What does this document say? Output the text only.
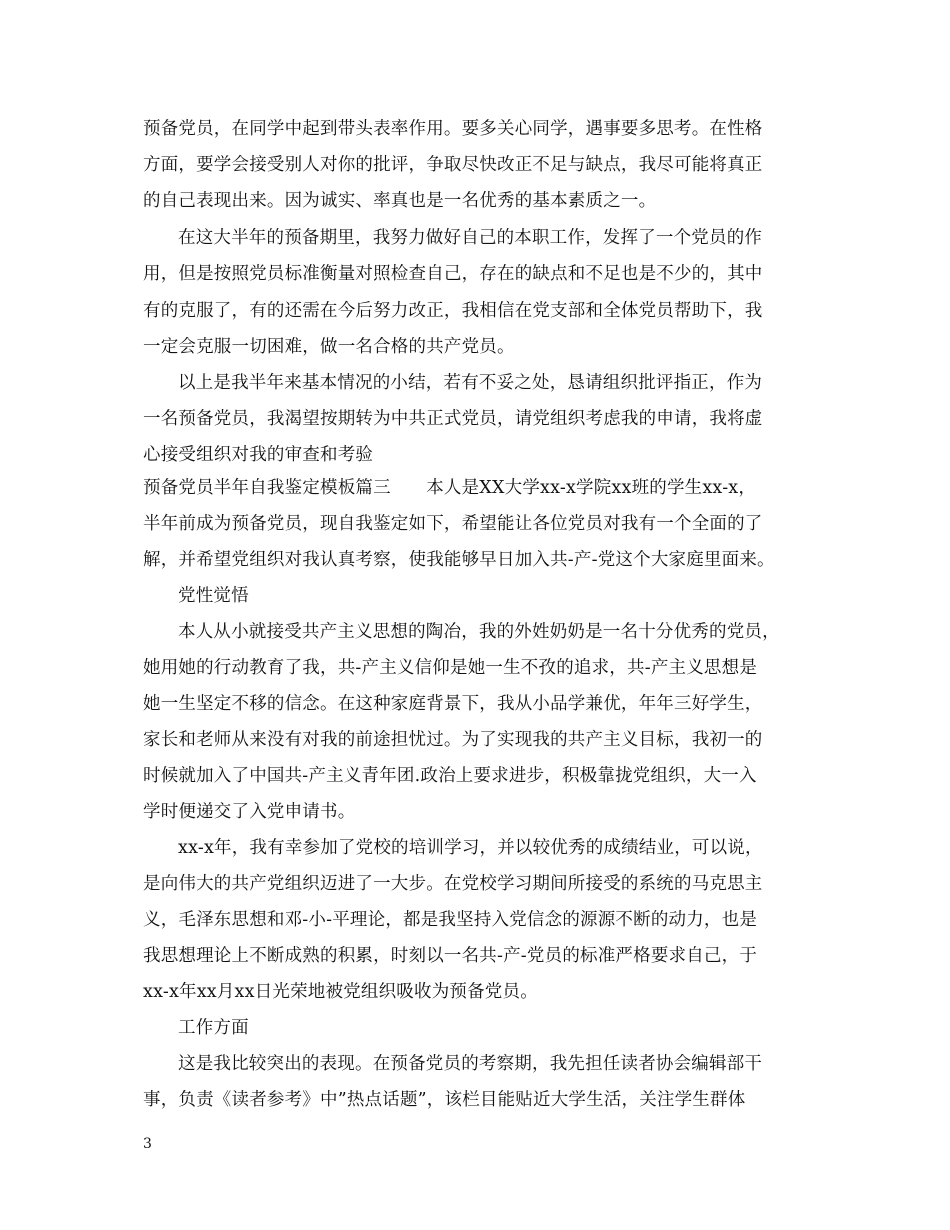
预备党员，在同学中起到带头表率作用。要多关心同学，遇事要多思考。在性格
方面，要学会接受别人对你的批评，争取尽快改正不足与缺点，我尽可能将真正
的自己表现出来。因为诚实、率真也是一名优秀的基本素质之一。
在这大半年的预备期里，我努力做好自己的本职工作，发挥了一个党员的作
用，但是按照党员标准衡量对照检查自己，存在的缺点和不足也是不少的，其中
有的克服了，有的还需在今后努力改正，我相信在党支部和全体党员帮助下，我
一定会克服一切困难，做一名合格的共产党员。
以上是我半年来基本情况的小结，若有不妥之处，恳请组织批评指正，作为
一名预备党员，我渴望按期转为中共正式党员，请党组织考虑我的申请，我将虚
心接受组织对我的审查和考验
预备党员半年自我鉴定模板篇三　　本人是XX大学xx-x学院xx班的学生xx-x，
半年前成为预备党员，现自我鉴定如下，希望能让各位党员对我有一个全面的了
解，并希望党组织对我认真考察，使我能够早日加入共-产-党这个大家庭里面来。
党性觉悟
本人从小就接受共产主义思想的陶冶，我的外姓奶奶是一名十分优秀的党员，
她用她的行动教育了我，共-产主义信仰是她一生不孜的追求，共-产主义思想是
她一生坚定不移的信念。在这种家庭背景下，我从小品学兼优，年年三好学生，
家长和老师从来没有对我的前途担忧过。为了实现我的共产主义目标，我初一的
时候就加入了中国共-产主义青年团.政治上要求进步，积极靠拢党组织，大一入
学时便递交了入党申请书。
xx-x年，我有幸参加了党校的培训学习，并以较优秀的成绩结业，可以说，
是向伟大的共产党组织迈进了一大步。在党校学习期间所接受的系统的马克思主
义，毛泽东思想和邓-小-平理论，都是我坚持入党信念的源源不断的动力，也是
我思想理论上不断成熟的积累，时刻以一名共-产-党员的标准严格要求自己，于
xx-x年xx月xx日光荣地被党组织吸收为预备党员。
工作方面
这是我比较突出的表现。在预备党员的考察期，我先担任读者协会编辑部干
事，负责《读者参考》中”热点话题”，该栏目能贴近大学生活，关注学生群体
3
